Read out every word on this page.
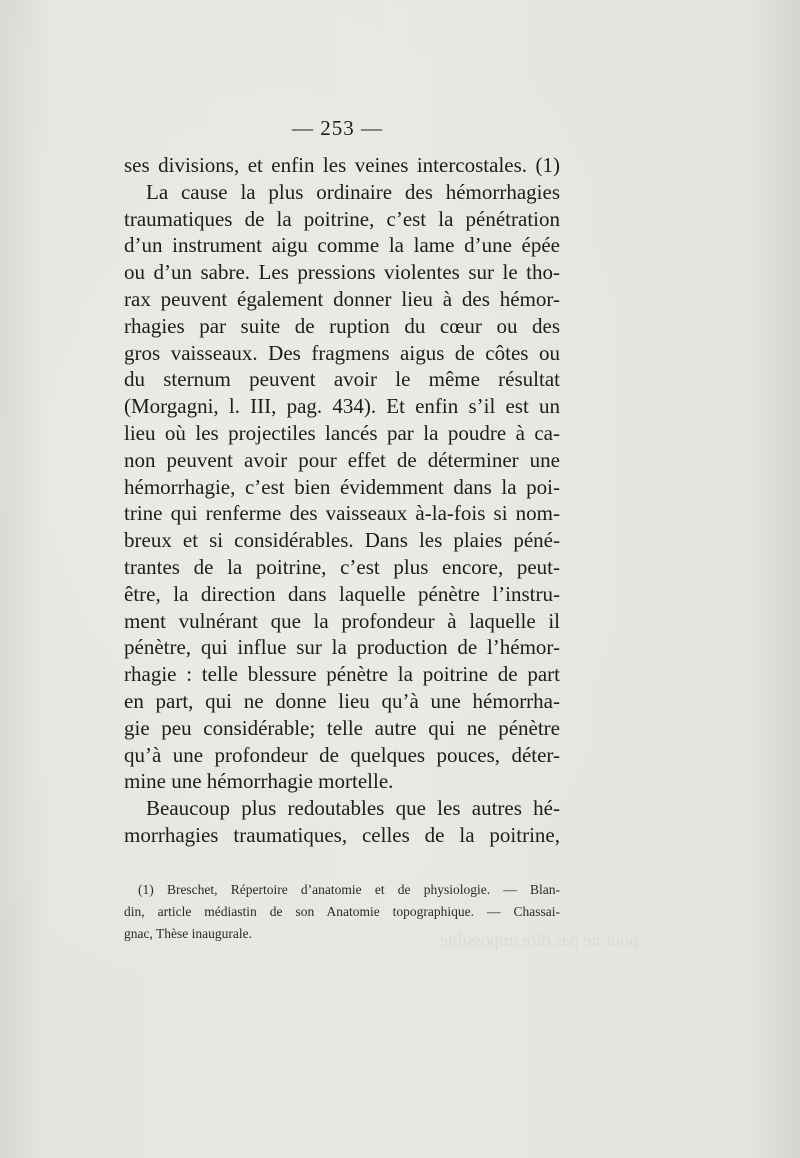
— 253 —
ses divisions, et enfin les veines intercostales. (1)
La cause la plus ordinaire des hémorrhagies
traumatiques de la poitrine, c’est la pénétration
d’un instrument aigu comme la lame d’une épée
ou d’un sabre. Les pressions violentes sur le tho-
rax peuvent également donner lieu à des hémor-
rhagies par suite de ruption du cœur ou des
gros vaisseaux. Des fragmens aigus de côtes ou
du sternum peuvent avoir le même résultat
(Morgagni, l. III, pag. 434). Et enfin s’il est un
lieu où les projectiles lancés par la poudre à ca-
non peuvent avoir pour effet de déterminer une
hémorrhagie, c’est bien évidemment dans la poi-
trine qui renferme des vaisseaux à-la-fois si nom-
breux et si considérables. Dans les plaies péné-
trantes de la poitrine, c’est plus encore, peut-
être, la direction dans laquelle pénètre l’instru-
ment vulnérant que la profondeur à laquelle il
pénètre, qui influe sur la production de l’hémor-
rhagie : telle blessure pénètre la poitrine de part
en part, qui ne donne lieu qu’à une hémorrha-
gie peu considérable; telle autre qui ne pénètre
qu’à une profondeur de quelques pouces, déter-
mine une hémorrhagie mortelle.
Beaucoup plus redoutables que les autres hé-
morrhagies traumatiques, celles de la poitrine,
(1) Breschet, Répertoire d’anatomie et de physiologie. — Blan-
din, article médiastin de son Anatomie topographique. — Chassai-
gnac, Thèse inaugurale.	pour ne pas dire impossible
